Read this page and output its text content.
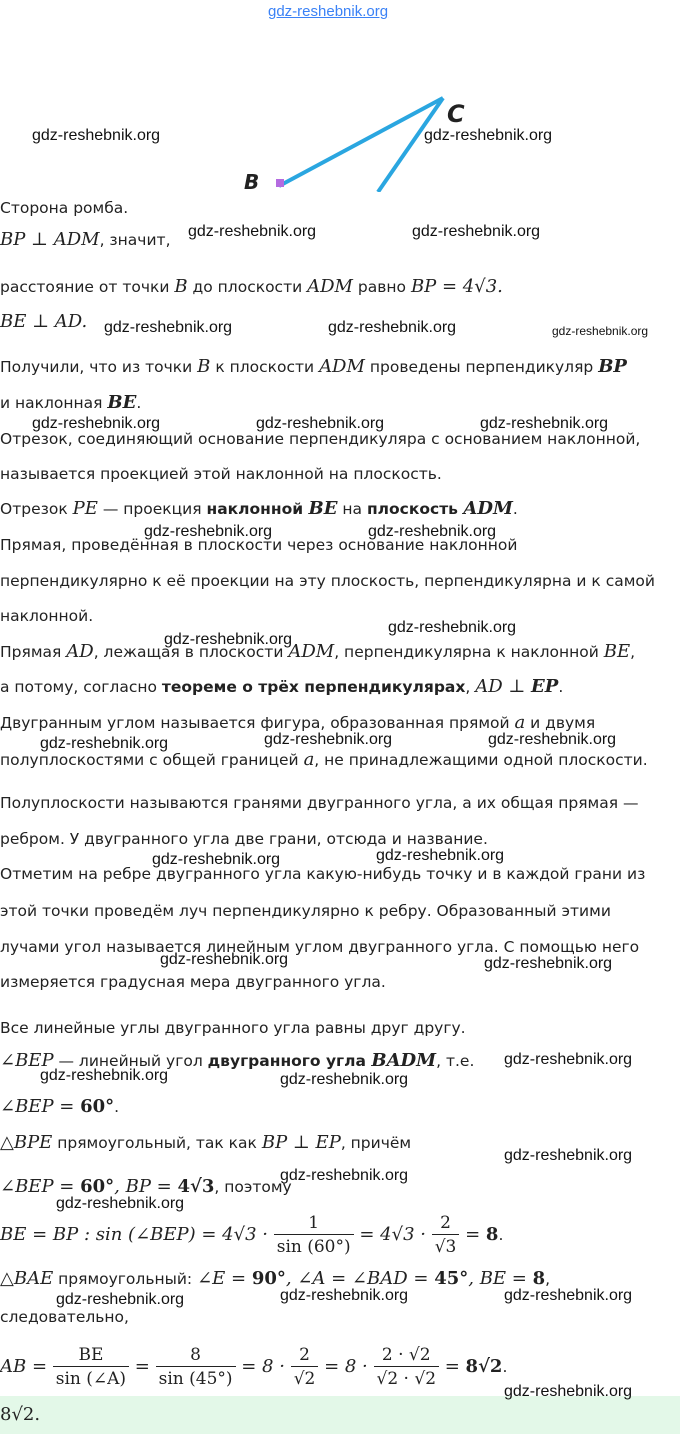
gdz-reshebnik.org
C
B
Сторона ромба.
BP ⊥ ADM, значит,
расстояние от точки B до плоскости ADM равно BP = 4√3.
BE ⊥ AD.
Получили, что из точки B к плоскости ADM проведены перпендикуляр BP
и наклонная BE.
Отрезок, соединяющий основание перпендикуляра с основанием наклонной,
называется проекцией этой наклонной на плоскость.
Отрезок PE — проекция наклонной BE на плоскость ADM.
Прямая, проведённая в плоскости через основание наклонной
перпендикулярно к её проекции на эту плоскость, перпендикулярна и к самой
наклонной.
Прямая AD, лежащая в плоскости ADM, перпендикулярна к наклонной BE,
а потому, согласно теореме о трёх перпендикулярах, AD ⊥ EP.
Двугранным углом называется фигура, образованная прямой a и двумя
полуплоскостями с общей границей a, не принадлежащими одной плоскости.
Полуплоскости называются гранями двугранного угла, а их общая прямая —
ребром. У двугранного угла две грани, отсюда и название.
Отметим на ребре двугранного угла какую-нибудь точку и в каждой грани из
этой точки проведём луч перпендикулярно к ребру. Образованный этими
лучами угол называется линейным углом двугранного угла. С помощью него
измеряется градусная мера двугранного угла.
Все линейные углы двугранного угла равны друг другу.
∠BEP — линейный угол двугранного угла BADM, т.е.
∠BEP = 60°.
△BPE прямоугольный, так как BP ⊥ EP, причём
∠BEP = 60°, BP = 4√3, поэтому
BE = BP : sin (∠BEP) = $4√3 \cdot \frac{1}{\sin (60^\circ)} = 4√3 \cdot \frac{2}{√3} = 8$.
△BAE прямоугольный: ∠E = 90°, ∠A = ∠BAD = 45°, BE = 8,
следовательно,
AB = $\frac{BE}{\sin (\angle A)} = \frac{8}{\sin (45^\circ)} = 8 \cdot \frac{2}{√2} = 8 \cdot \frac{2 \cdot √2}{√2 \cdot √2} = 8√2$.
8√2.
gdz-reshebnik.org	gdz-reshebnik.org
gdz-reshebnik.org	gdz-reshebnik.org
gdz-reshebnik.org	gdz-reshebnik.org	gdz-reshebnik.org
gdz-reshebnik.org	gdz-reshebnik.org	gdz-reshebnik.org
gdz-reshebnik.org	gdz-reshebnik.org
gdz-reshebnik.org
gdz-reshebnik.org
gdz-reshebnik.org	gdz-reshebnik.org	gdz-reshebnik.org
gdz-reshebnik.org	gdz-reshebnik.org
gdz-reshebnik.org	gdz-reshebnik.org
gdz-reshebnik.org
gdz-reshebnik.org	gdz-reshebnik.org
gdz-reshebnik.org
gdz-reshebnik.org
gdz-reshebnik.org
gdz-reshebnik.org	gdz-reshebnik.org	gdz-reshebnik.org
gdz-reshebnik.org
